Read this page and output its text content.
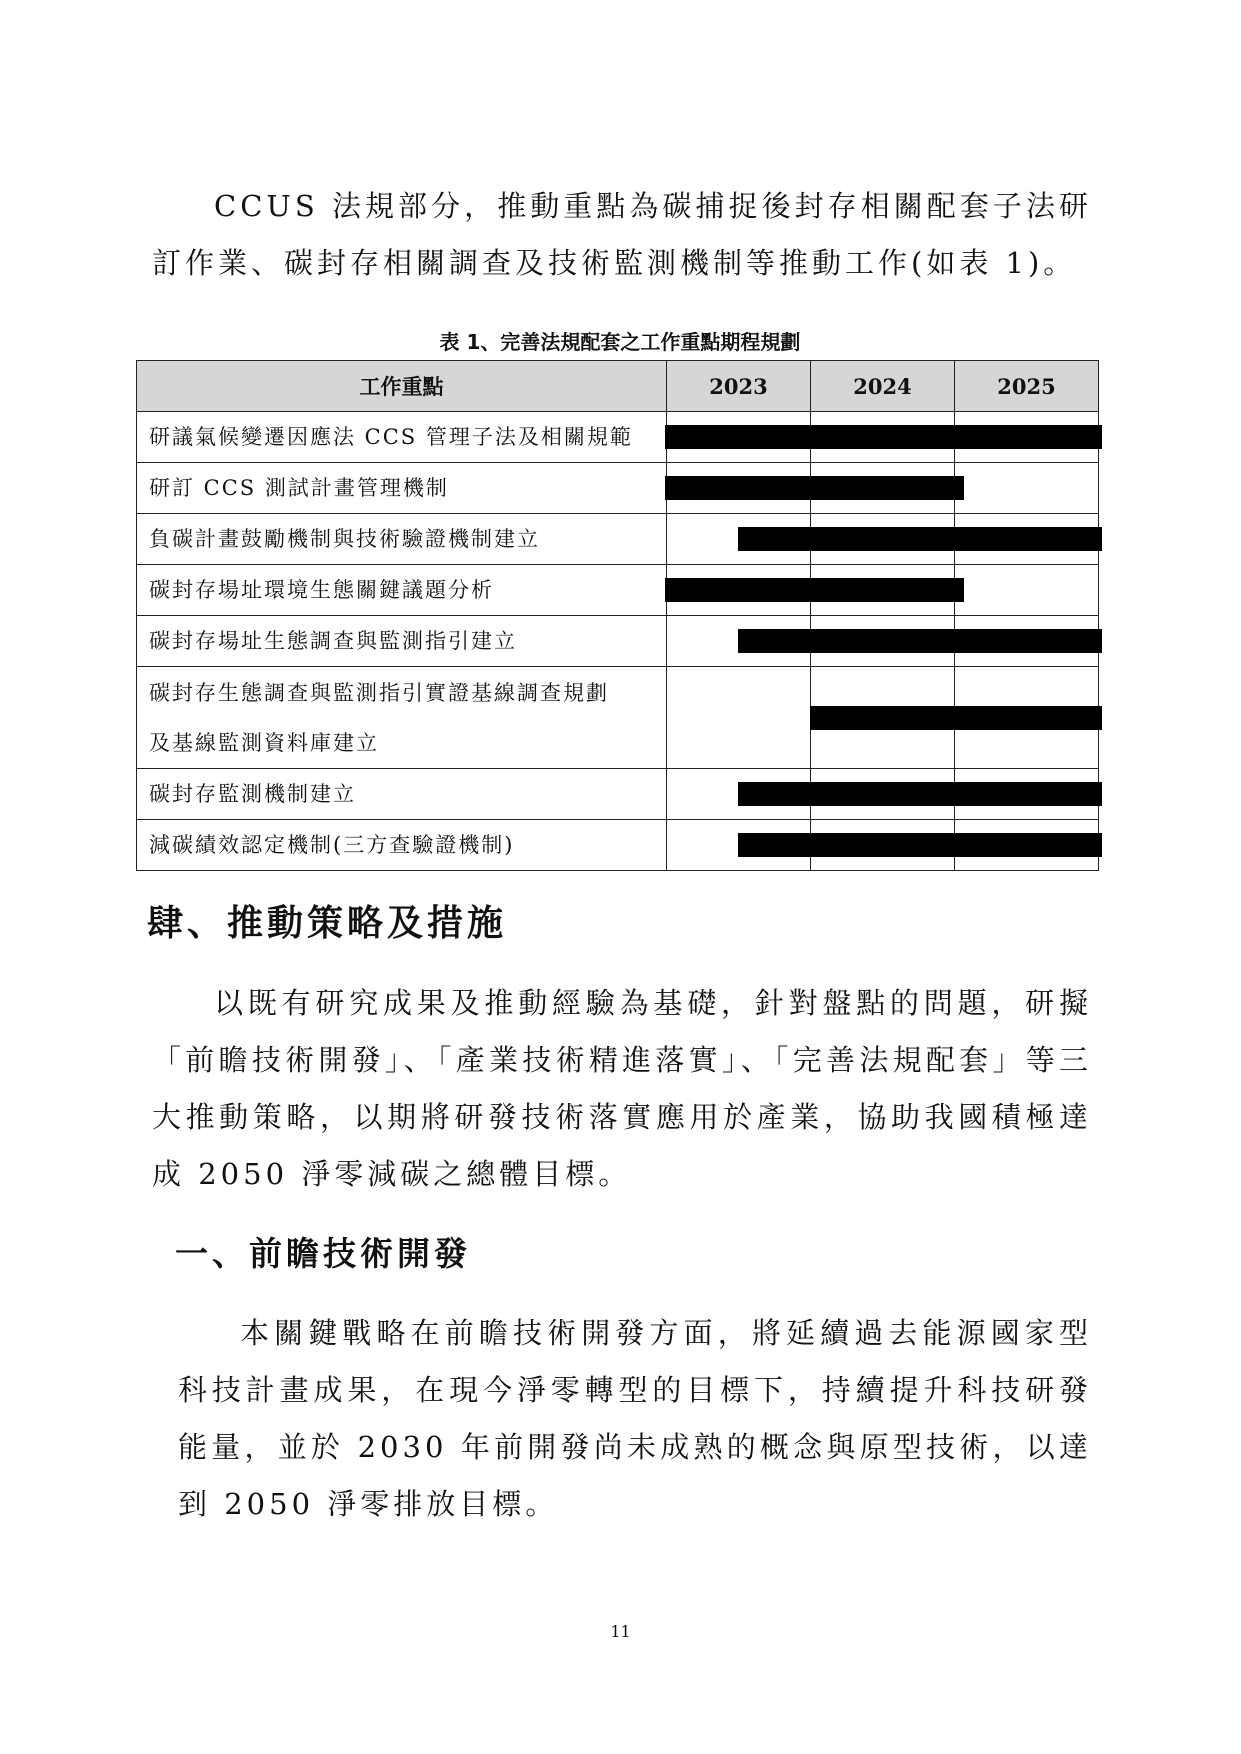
CCUS 法規部分，推動重點為碳捕捉後封存相關配套子法研訂作業、碳封存相關調查及技術監測機制等推動工作(如表 1)。

表 1、完善法規配套之工作重點期程規劃
工作重點	2023	2024	2025

研議氣候變遷因應法 CCS 管理子法及相關規範			

研訂 CCS 測試計畫管理機制			

負碳計畫鼓勵機制與技術驗證機制建立			

碳封存場址環境生態關鍵議題分析			

碳封存場址生態調查與監測指引建立			

碳封存生態調查與監測指引實證基線調查規劃
及基線監測資料庫建立			

碳封存監測機制建立			

減碳績效認定機制(三方查驗證機制)			

肆、推動策略及措施

以既有研究成果及推動經驗為基礎，針對盤點的問題，研擬「前瞻技術開發」、「產業技術精進落實」、「完善法規配套」等三大推動策略，以期將研發技術落實應用於產業，協助我國積極達成 2050 淨零減碳之總體目標。

一、前瞻技術開發

本關鍵戰略在前瞻技術開發方面，將延續過去能源國家型科技計畫成果，在現今淨零轉型的目標下，持續提升科技研發能量，並於 2030 年前開發尚未成熟的概念與原型技術，以達到 2050 淨零排放目標。

11
